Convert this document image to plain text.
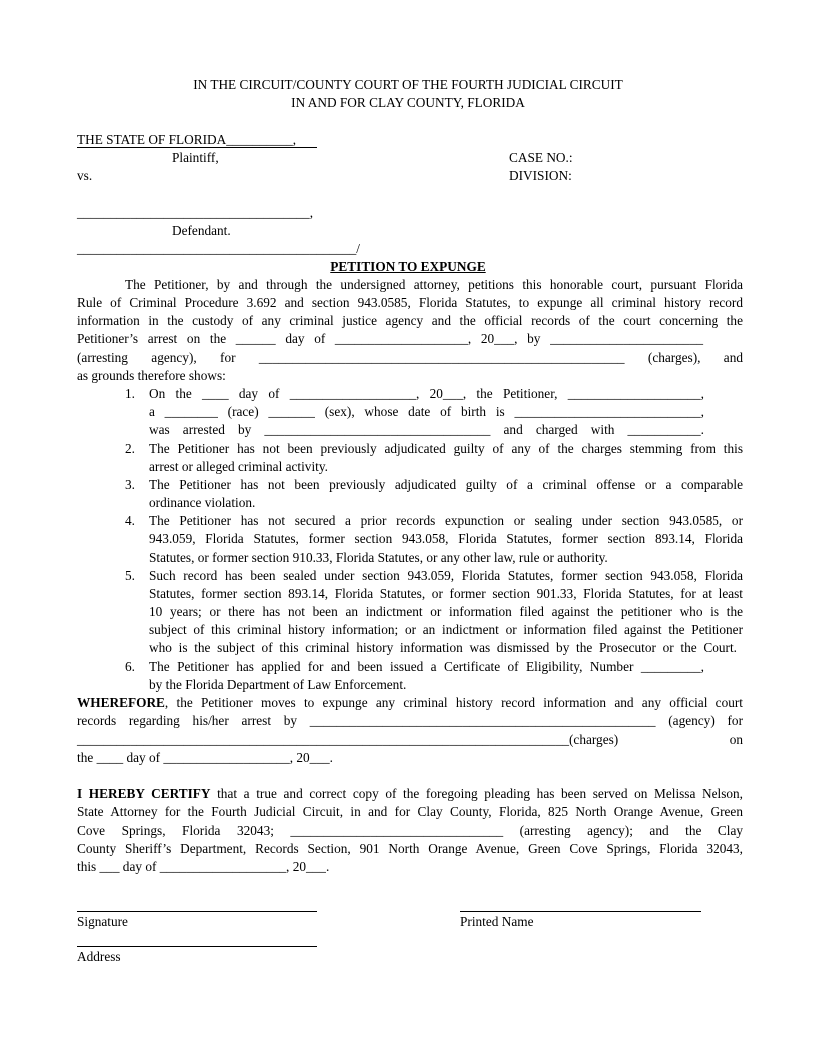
IN THE CIRCUIT/COUNTY COURT OF THE FOURTH JUDICIAL CIRCUIT
IN AND FOR CLAY COUNTY, FLORIDA
THE STATE OF FLORIDA__________,
Plaintiff,	CASE NO.:
vs.	DIVISION:
___________________________________,
Defendant.
__________________________________________/
PETITION TO EXPUNGE
The Petitioner, by and through the undersigned attorney, petitions this honorable court, pursuant Florida
Rule of Criminal Procedure 3.692 and section 943.0585, Florida Statutes, to expunge all criminal history record
information in the custody of any criminal justice agency and the official records of the court concerning the
Petitioner’s arrest on the ______ day of ____________________, 20___, by _______________________
(arresting agency), for _______________________________________________________ (charges), and
as grounds therefore shows:
1. On the ____ day of ___________________, 20___, the Petitioner, ____________________,
a ________ (race) _______ (sex), whose date of birth is ____________________________,
was arrested by __________________________________ and charged with ___________.
2. The Petitioner has not been previously adjudicated guilty of any of the charges stemming from this
arrest or alleged criminal activity.
3. The Petitioner has not been previously adjudicated guilty of a criminal offense or a comparable
ordinance violation.
4. The Petitioner has not secured a prior records expunction or sealing under section 943.0585, or
943.059, Florida Statutes, former section 943.058, Florida Statutes, former section 893.14, Florida
Statutes, or former section 910.33, Florida Statutes, or any other law, rule or authority.
5. Such record has been sealed under section 943.059, Florida Statutes, former section 943.058, Florida
Statutes, former section 893.14, Florida Statutes, or former section 901.33, Florida Statutes, for at least
10 years; or there has not been an indictment or information filed against the petitioner who is the
subject of this criminal history information; or an indictment or information filed against the Petitioner
who is the subject of this criminal history information was dismissed by the Prosecutor or the Court.
6. The Petitioner has applied for and been issued a Certificate of Eligibility, Number _________,
by the Florida Department of Law Enforcement.
WHEREFORE, the Petitioner moves to expunge any criminal history record information and any official court
records regarding his/her arrest by ____________________________________________________ (agency) for
__________________________________________________________________________(charges) on
the ____ day of ___________________, 20___.
I HEREBY CERTIFY that a true and correct copy of the foregoing pleading has been served on Melissa Nelson,
State Attorney for the Fourth Judicial Circuit, in and for Clay County, Florida, 825 North Orange Avenue, Green
Cove Springs, Florida 32043; ________________________________ (arresting agency); and the Clay
County Sheriff’s Department, Records Section, 901 North Orange Avenue, Green Cove Springs, Florida 32043,
this ___ day of ___________________, 20___.
Signature	Printed Name
Address
